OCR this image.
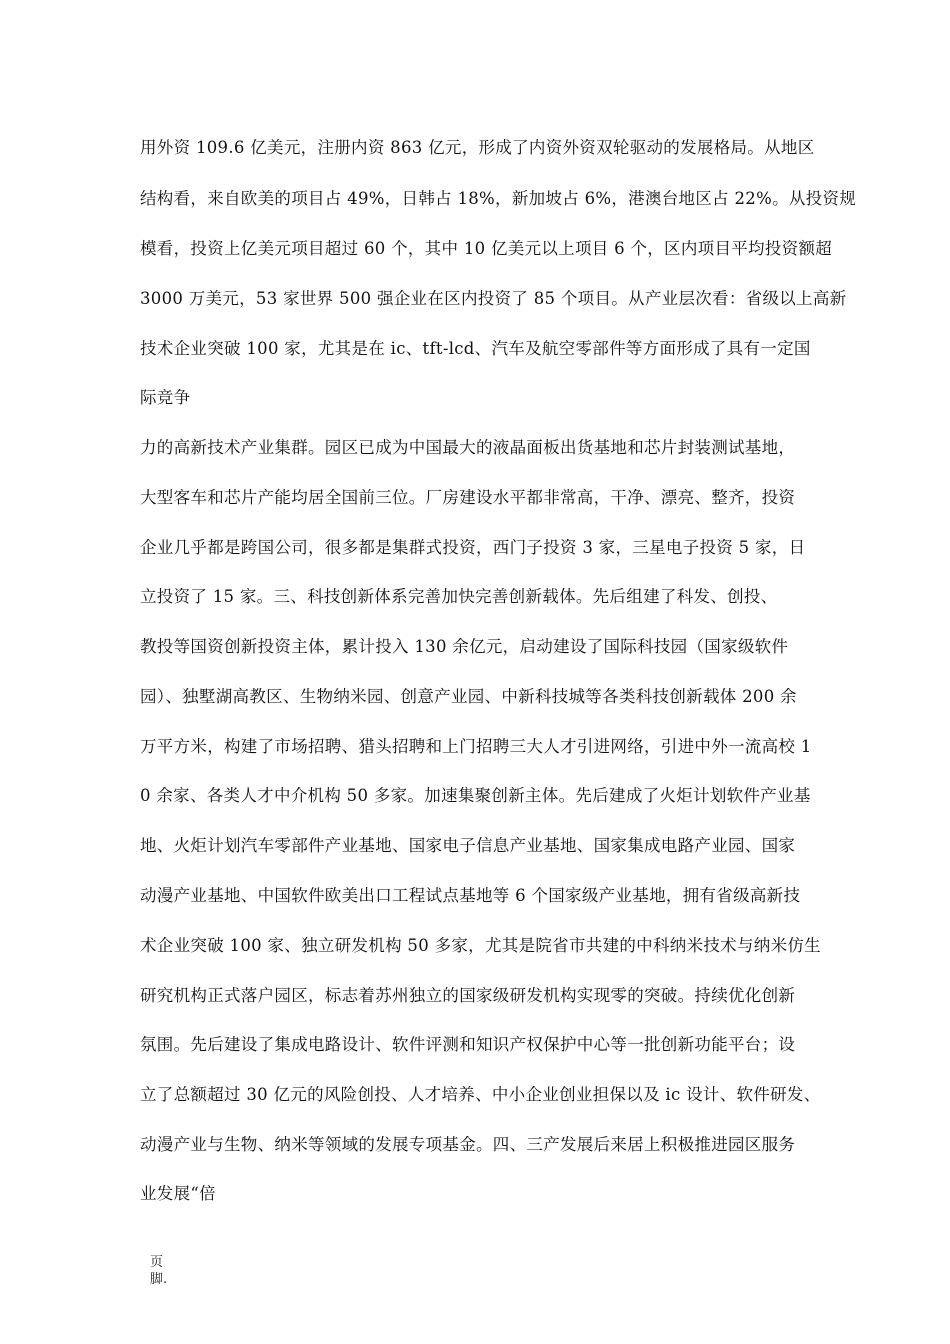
用外资 109.6 亿美元，注册内资 863 亿元，形成了内资外资双轮驱动的发展格局。从地区
结构看，来自欧美的项目占 49%，日韩占 18%，新加坡占 6%，港澳台地区占 22%。从投资规
模看，投资上亿美元项目超过 60 个，其中 10 亿美元以上项目 6 个，区内项目平均投资额超
3000 万美元，53 家世界 500 强企业在区内投资了 85 个项目。从产业层次看：省级以上高新
技术企业突破 100 家，尤其是在 ic、tft-lcd、汽车及航空零部件等方面形成了具有一定国
际竞争
力的高新技术产业集群。园区已成为中国最大的液晶面板出货基地和芯片封装测试基地，
大型客车和芯片产能均居全国前三位。厂房建设水平都非常高，干净、漂亮、整齐，投资
企业几乎都是跨国公司，很多都是集群式投资，西门子投资 3 家，三星电子投资 5 家，日
立投资了 15 家。三、科技创新体系完善加快完善创新载体。先后组建了科发、创投、
教投等国资创新投资主体，累计投入 130 余亿元，启动建设了国际科技园（国家级软件
园）、独墅湖高教区、生物纳米园、创意产业园、中新科技城等各类科技创新载体 200 余
万平方米，构建了市场招聘、猎头招聘和上门招聘三大人才引进网络，引进中外一流高校 1
0 余家、各类人才中介机构 50 多家。加速集聚创新主体。先后建成了火炬计划软件产业基
地、火炬计划汽车零部件产业基地、国家电子信息产业基地、国家集成电路产业园、国家
动漫产业基地、中国软件欧美出口工程试点基地等 6 个国家级产业基地，拥有省级高新技
术企业突破 100 家、独立研发机构 50 多家，尤其是院省市共建的中科纳米技术与纳米仿生
研究机构正式落户园区，标志着苏州独立的国家级研发机构实现零的突破。持续优化创新
氛围。先后建设了集成电路设计、软件评测和知识产权保护中心等一批创新功能平台；设
立了总额超过 30 亿元的风险创投、人才培养、中小企业创业担保以及 ic 设计、软件研发、
动漫产业与生物、纳米等领域的发展专项基金。四、三产发展后来居上积极推进园区服务
业发展“倍
页
脚.
